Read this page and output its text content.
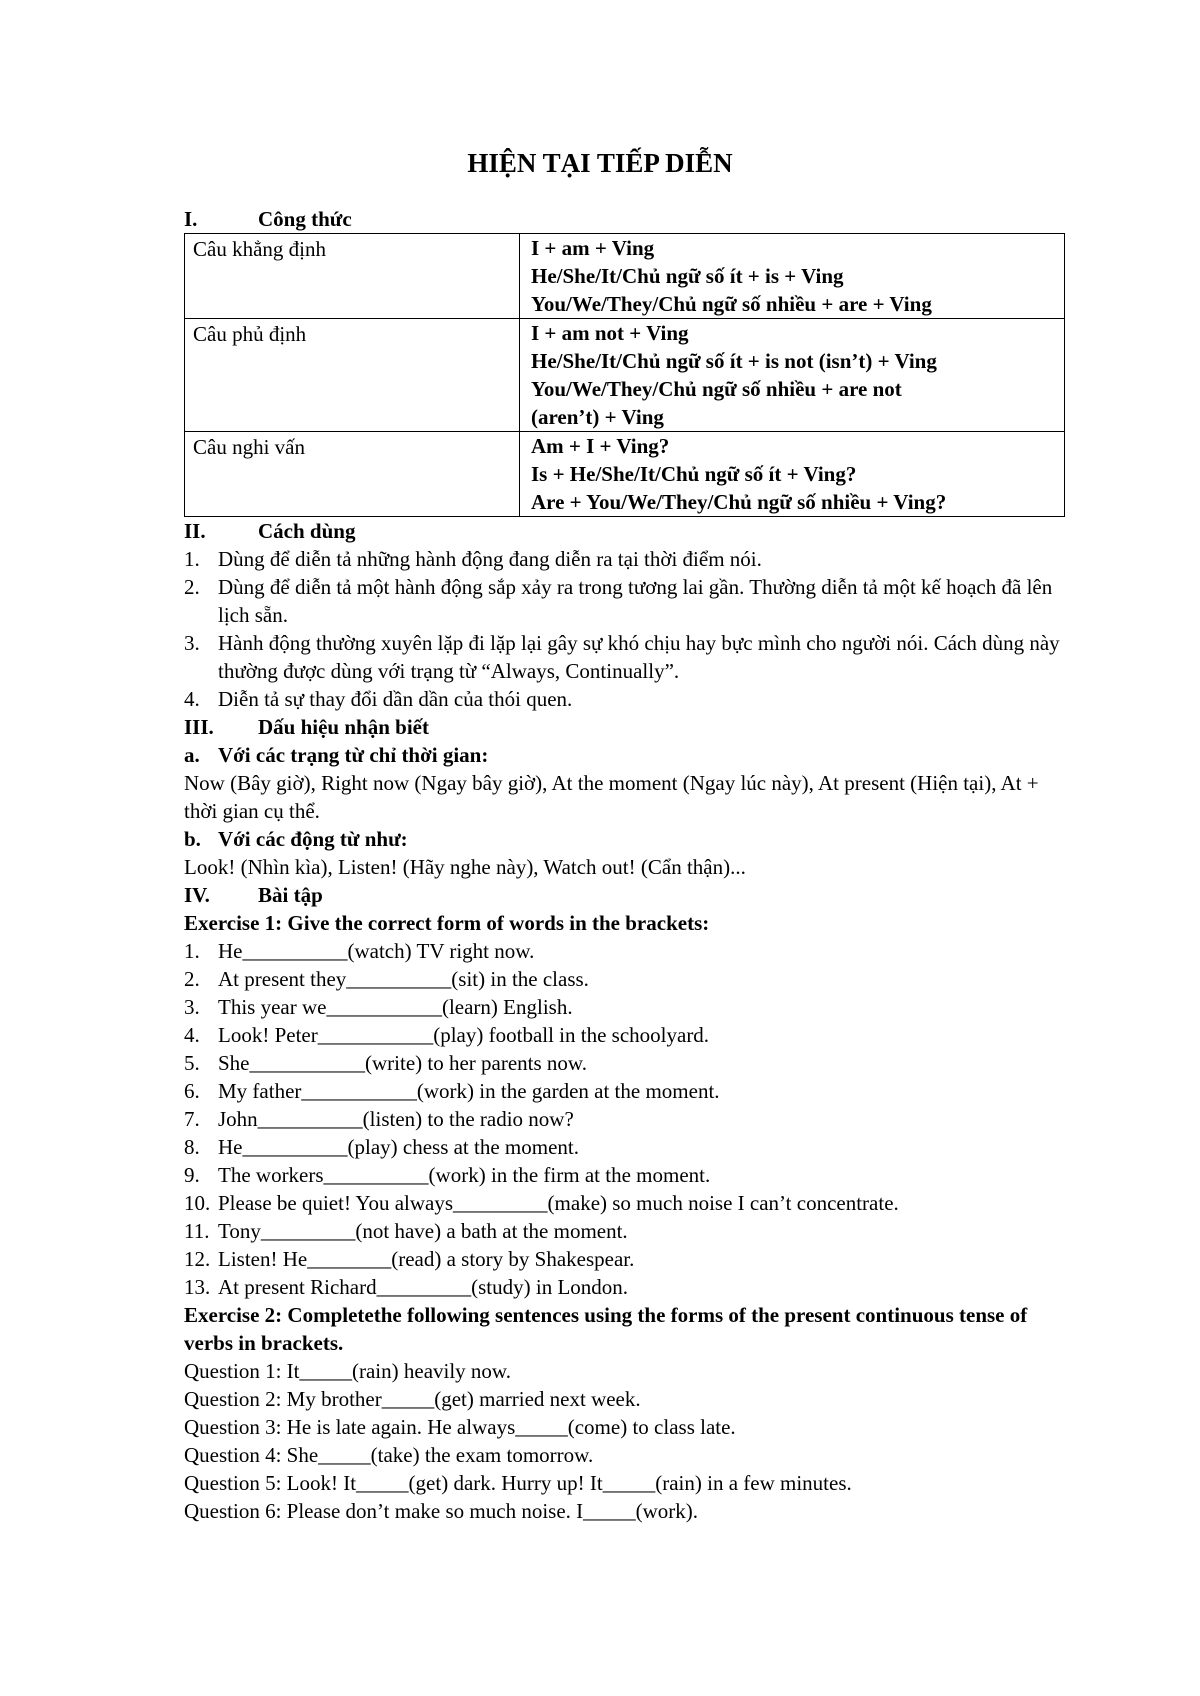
HIỆN TẠI TIẾP DIỄN
I.	Công thức
Câu khẳng định	I + am + Ving
He/She/It/Chủ ngữ số ít + is + Ving
You/We/They/Chủ ngữ số nhiều + are + Ving

Câu phủ định	I + am not + Ving
He/She/It/Chủ ngữ số ít + is not (isn’t) + Ving
You/We/They/Chủ ngữ số nhiều + are not
(aren’t) + Ving

Câu nghi vấn	Am + I + Ving?
Is + He/She/It/Chủ ngữ số ít + Ving?
Are + You/We/They/Chủ ngữ số nhiều + Ving?
II.	Cách dùng
1. Dùng để diễn tả những hành động đang diễn ra tại thời điểm nói.
2. Dùng để diễn tả một hành động sắp xảy ra trong tương lai gần. Thường diễn tả một kế hoạch đã lên lịch sẵn.
3. Hành động thường xuyên lặp đi lặp lại gây sự khó chịu hay bực mình cho người nói. Cách dùng này thường được dùng với trạng từ “Always, Continually”.
4. Diễn tả sự thay đổi dần dần của thói quen.
III.	Dấu hiệu nhận biết
a. Với các trạng từ chỉ thời gian:
Now (Bây giờ), Right now (Ngay bây giờ), At the moment (Ngay lúc này), At present (Hiện tại), At + thời gian cụ thể.
b. Với các động từ như:
Look! (Nhìn kìa), Listen! (Hãy nghe này), Watch out! (Cẩn thận)...
IV.	Bài tập
Exercise 1: Give the correct form of words in the brackets:
1. He__________(watch) TV right now.
2. At present they__________(sit) in the class.
3. This year we___________(learn) English.
4. Look! Peter___________(play) football in the schoolyard.
5. She___________(write) to her parents now.
6. My father___________(work) in the garden at the moment.
7. John__________(listen) to the radio now?
8. He__________(play) chess at the moment.
9. The workers__________(work) in the firm at the moment.
10. Please be quiet! You always_________(make) so much noise I can’t concentrate.
11. Tony_________(not have) a bath at the moment.
12. Listen! He________(read) a story by Shakespear.
13. At present Richard_________(study) in London.
Exercise 2: Completethe following sentences using the forms of the present continuous tense of verbs in brackets.
Question 1: It_____(rain) heavily now.
Question 2: My brother_____(get) married next week.
Question 3: He is late again. He always_____(come) to class late.
Question 4: She_____(take) the exam tomorrow.
Question 5: Look! It_____(get) dark. Hurry up! It_____(rain) in a few minutes.
Question 6: Please don’t make so much noise. I_____(work).
